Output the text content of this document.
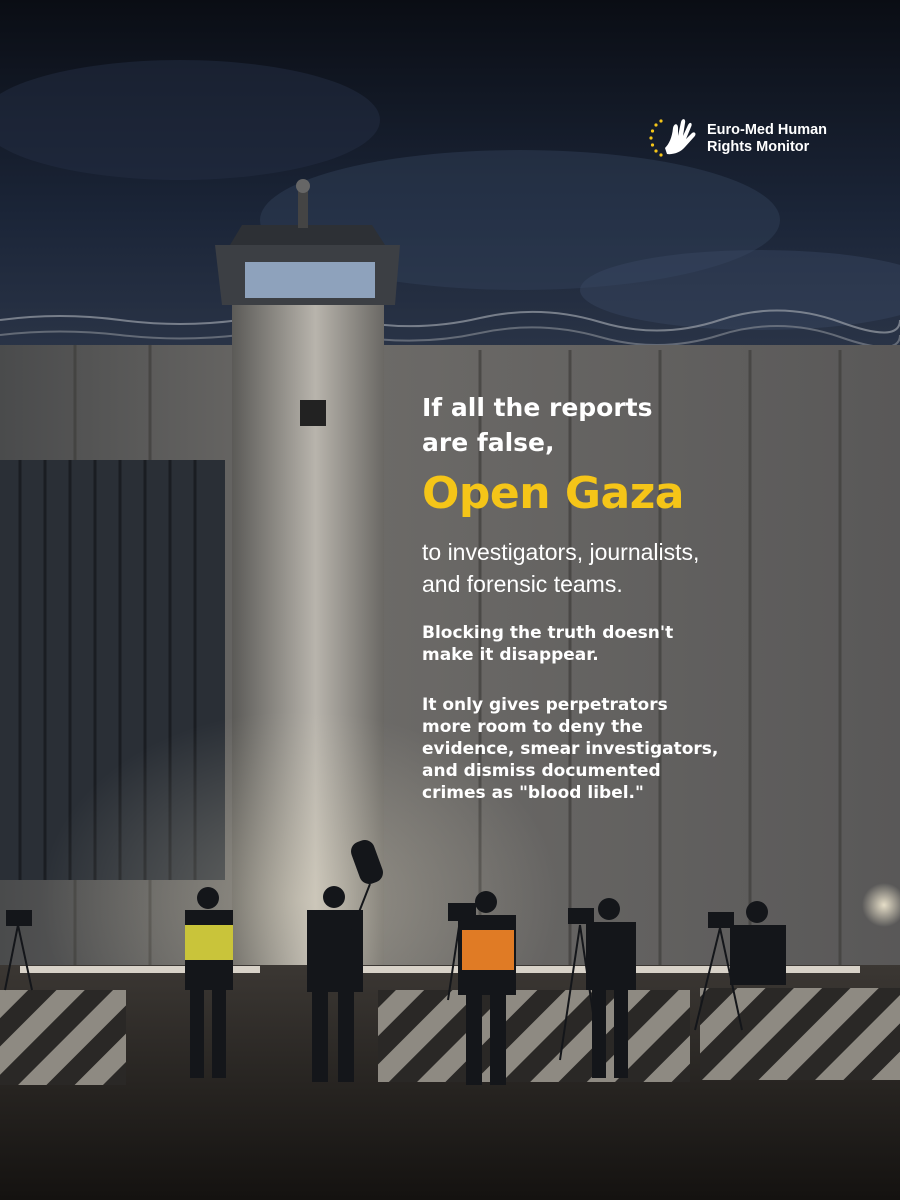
Euro-Med Human
Rights Monitor

If all the reports
are false,

Open Gaza

to investigators, journalists,
and forensic teams.

Blocking the truth doesn't
make it disappear.

It only gives perpetrators
more room to deny the
evidence, smear investigators,
and dismiss documented
crimes as "blood libel."
